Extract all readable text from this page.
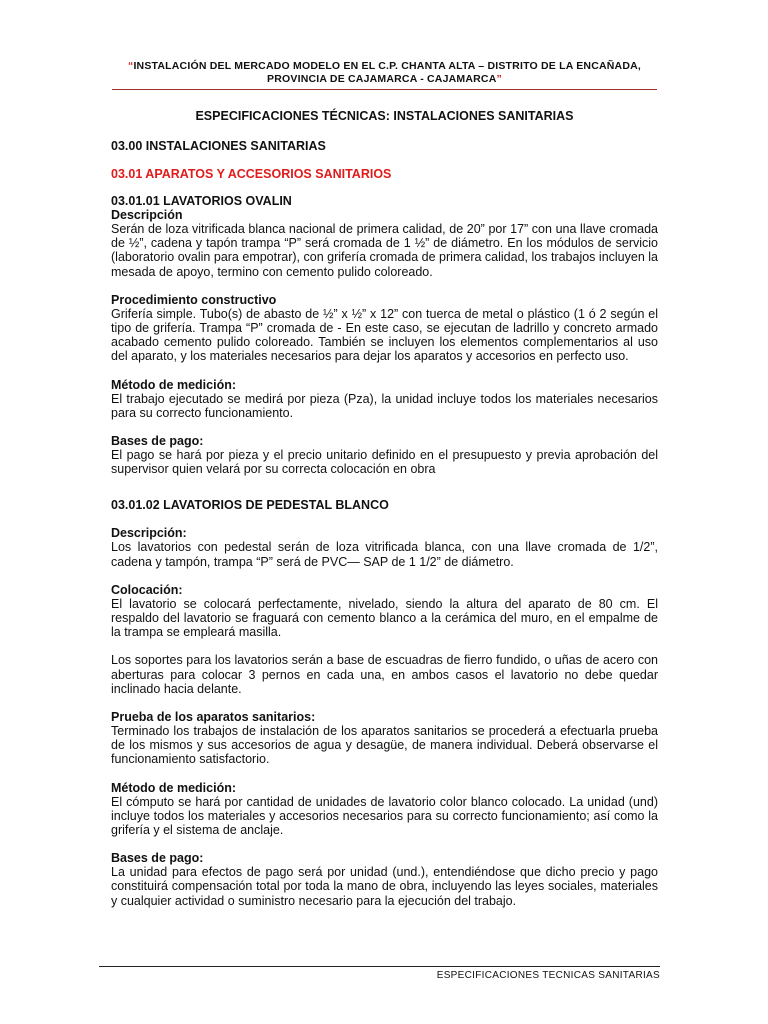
“INSTALACIÓN DEL MERCADO MODELO EN EL C.P. CHANTA ALTA – DISTRITO DE LA ENCAÑADA,
PROVINCIA DE CAJAMARCA - CAJAMARCA”
ESPECIFICACIONES TÉCNICAS: INSTALACIONES SANITARIAS
03.00 INSTALACIONES SANITARIAS
03.01 APARATOS Y ACCESORIOS SANITARIOS
03.01.01 LAVATORIOS OVALIN
Descripción

Serán de loza vitrificada blanca nacional de primera calidad, de 20” por 17” con una llave cromada de ½”, cadena y tapón trampa “P” será cromada de 1 ½” de diámetro. En los módulos de servicio (laboratorio ovalin para empotrar), con grifería cromada de primera calidad, los trabajos incluyen la mesada de apoyo, termino con cemento pulido coloreado.

Procedimiento constructivo

Grifería simple. Tubo(s) de abasto de ½” x ½” x 12” con tuerca de metal o plástico (1 ó 2 según el tipo de grifería. Trampa “P” cromada de - En este caso, se ejecutan de ladrillo y concreto armado acabado cemento pulido coloreado. También se incluyen los elementos complementarios al uso del aparato, y los materiales necesarios para dejar los aparatos y accesorios en perfecto uso.

Método de medición:

El trabajo ejecutado se medirá por pieza (Pza), la unidad incluye todos los materiales necesarios para su correcto funcionamiento.

Bases de pago:

El pago se hará por pieza y el precio unitario definido en el presupuesto y previa aprobación del supervisor quien velará por su correcta colocación en obra

03.01.02 LAVATORIOS DE PEDESTAL BLANCO
Descripción:

Los lavatorios con pedestal serán de loza vitrificada blanca, con una llave cromada de 1/2”, cadena y tampón, trampa “P” será de PVC— SAP de 1 1/2” de diámetro.

Colocación:

El lavatorio se colocará perfectamente, nivelado, siendo la altura del aparato de 80 cm. El respaldo del lavatorio se fraguará con cemento blanco a la cerámica del muro, en el empalme de la trampa se empleará masilla.

Los soportes para los lavatorios serán a base de escuadras de fierro fundido, o uñas de acero con aberturas para colocar 3 pernos en cada una, en ambos casos el lavatorio no debe quedar inclinado hacia delante.

Prueba de los aparatos sanitarios:

Terminado los trabajos de instalación de los aparatos sanitarios se procederá a efectuarla prueba de los mismos y sus accesorios de agua y desagüe, de manera individual. Deberá observarse el funcionamiento satisfactorio.

Método de medición:

El cómputo se hará por cantidad de unidades de lavatorio color blanco colocado. La unidad (und) incluye todos los materiales y accesorios necesarios para su correcto funcionamiento; así como la grifería y el sistema de anclaje.

Bases de pago:

La unidad para efectos de pago será por unidad (und.), entendiéndose que dicho precio y pago constituirá compensación total por toda la mano de obra, incluyendo las leyes sociales, materiales y cualquier actividad o suministro necesario para la ejecución del trabajo.

ESPECIFICACIONES TECNICAS SANITARIAS
